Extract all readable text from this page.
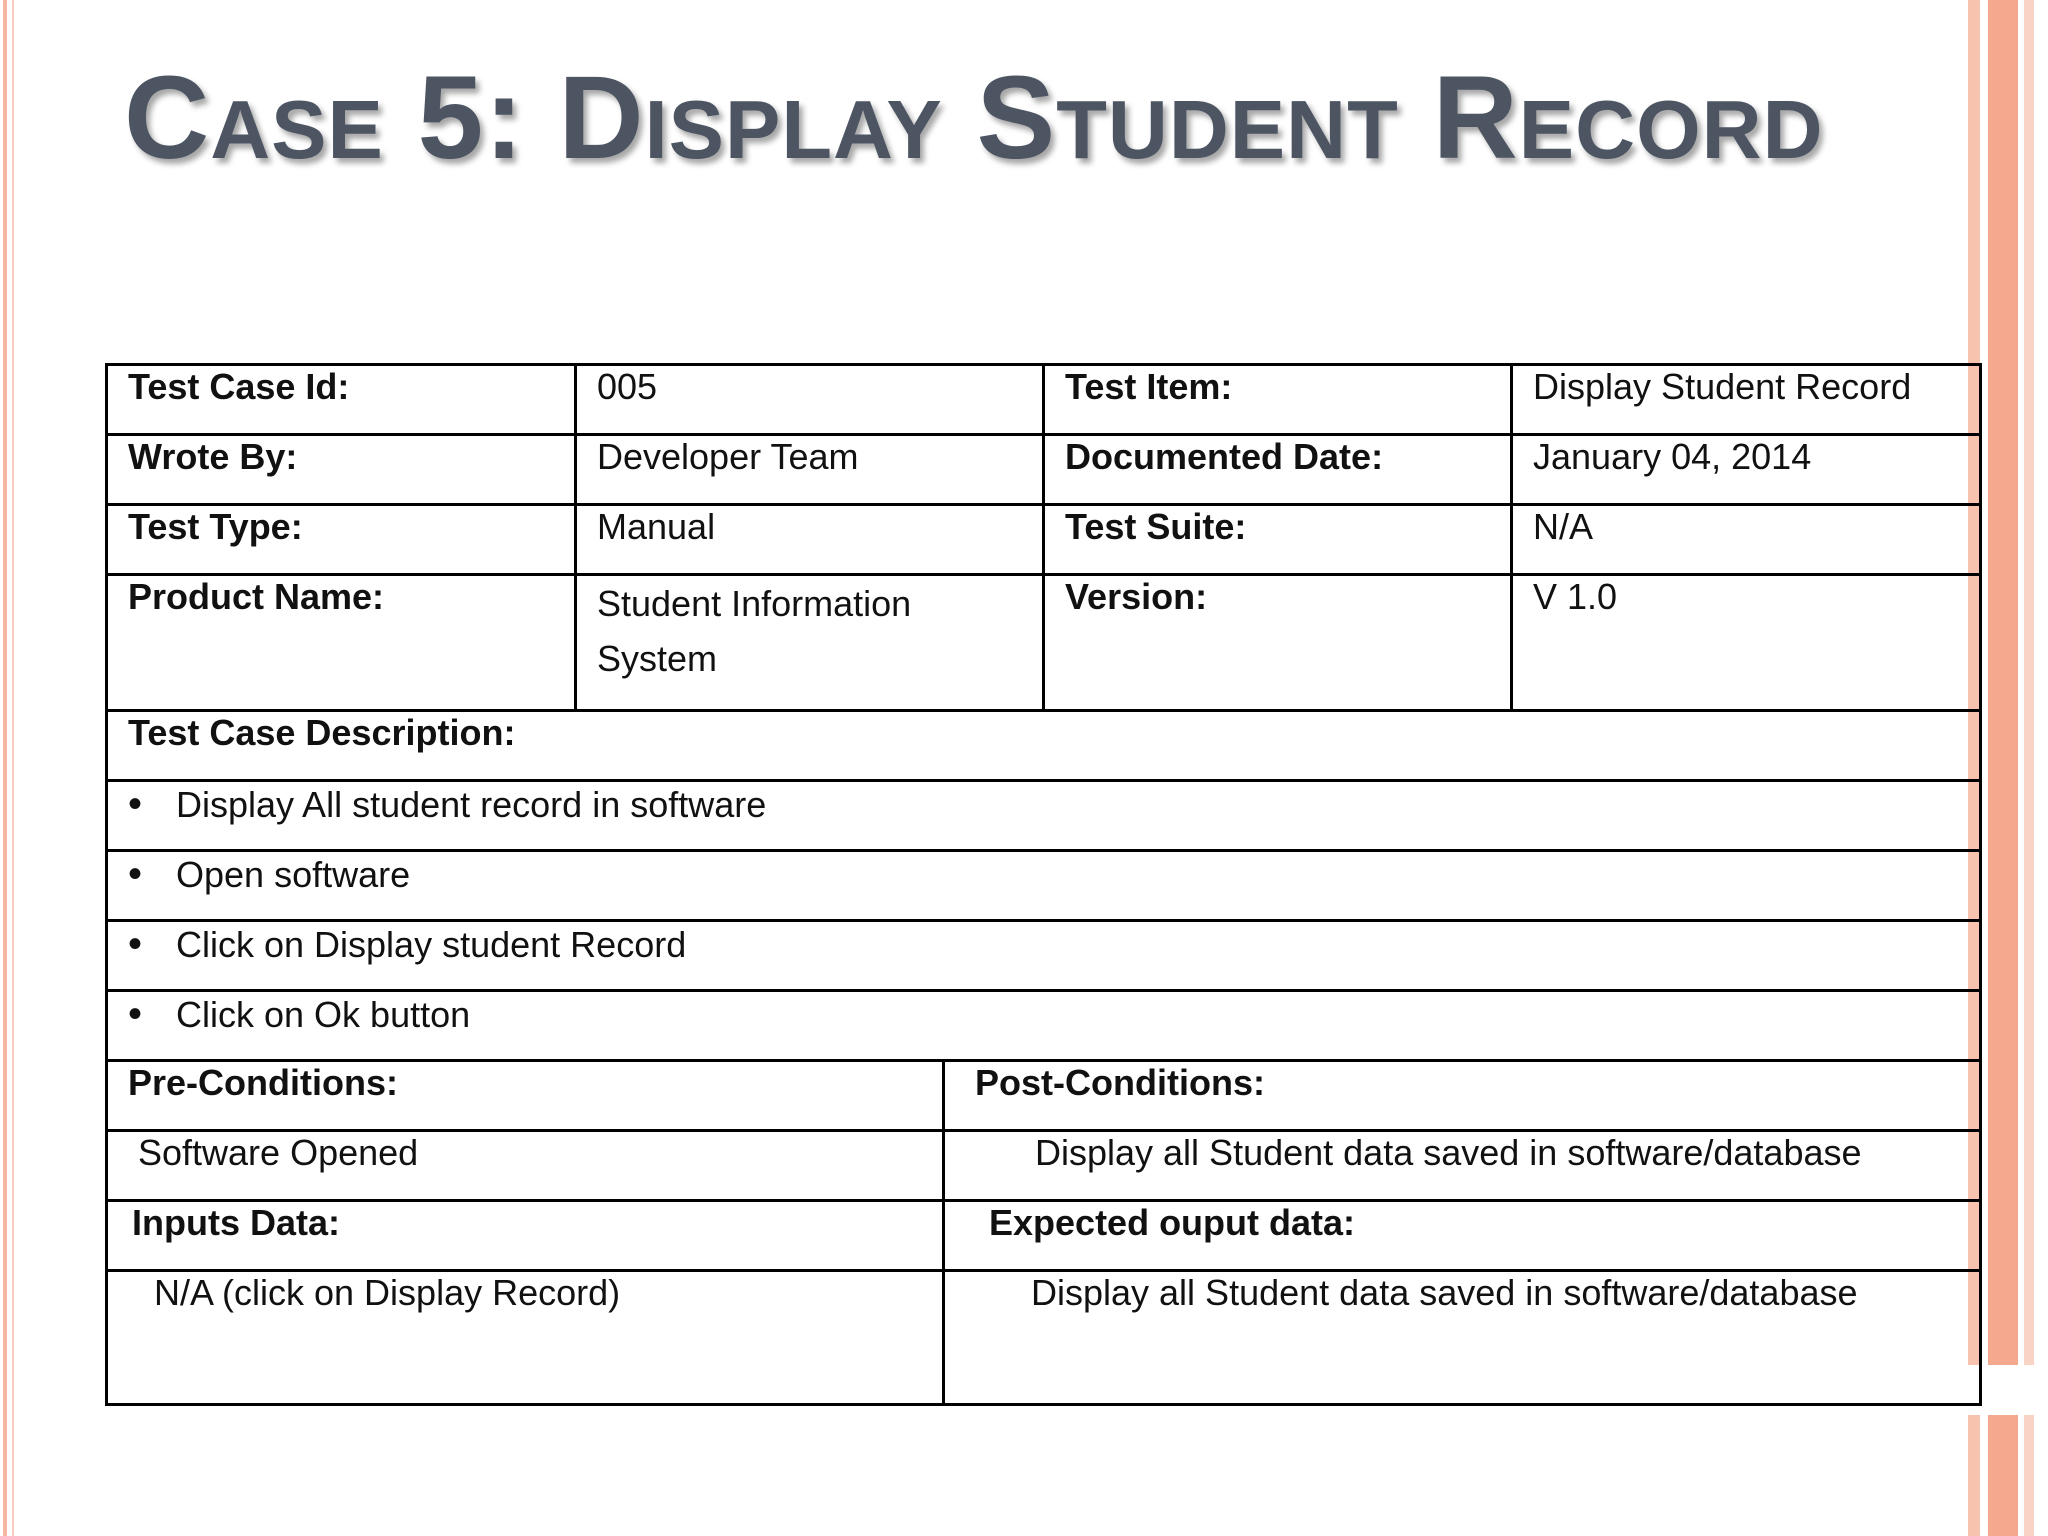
Case 5: Display Student Record
Test Case Id:	005		Test Item:	Display Student Record
Wrote By:	Developer Team		Documented Date:	January 04, 2014
Test Type:	Manual		Test Suite:	N/A
Product Name:	Student Information System		Version:	V 1.0
Test Case Description:				
• Display All student record in software				
• Open software				
• Click on Display student Record				
• Click on Ok button				
Pre-Conditions:		Post-Conditions:		
Software Opened		Display all Student data saved in software/database		
Inputs Data:		Expected ouput data:		
N/A (click on Display Record)		Display all Student data saved in software/database		
